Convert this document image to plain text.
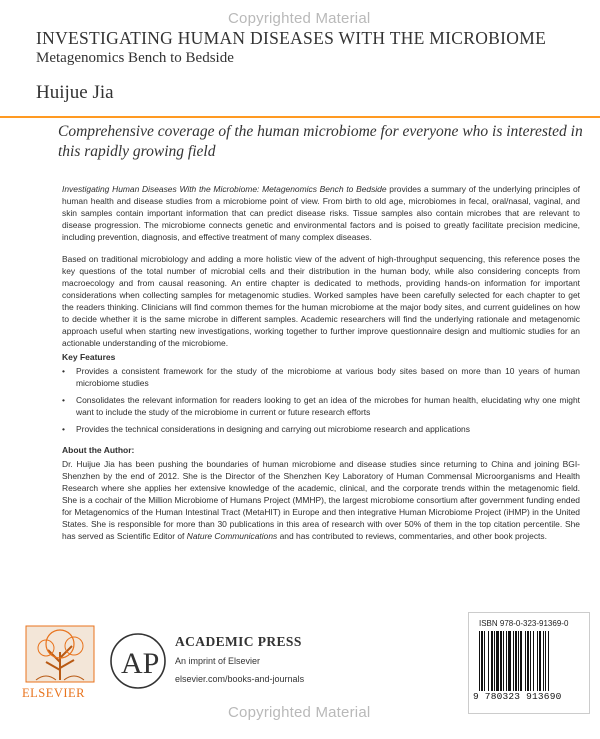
Copyrighted Material
INVESTIGATING HUMAN DISEASES WITH THE MICROBIOME
Metagenomics Bench to Bedside
Huijue Jia
Comprehensive coverage of the human microbiome for everyone who is interested in this rapidly growing field
Investigating Human Diseases With the Microbiome: Metagenomics Bench to Bedside provides a summary of the underlying principles of human health and disease studies from a microbiome point of view. From birth to old age, microbiomes in fecal, oral/nasal, vaginal, and skin samples contain important information that can predict disease risks. Tissue samples also contain microbes that are relevant to disease progression. The microbiome connects genetic and environmental factors and is poised to greatly facilitate precision medicine, including prevention, diagnosis, and effective treatment of many complex diseases.
Based on traditional microbiology and adding a more holistic view of the advent of high-throughput sequencing, this reference poses the key questions of the total number of microbial cells and their distribution in the human body, while also considering concepts from macroecology and from causal reasoning. An entire chapter is dedicated to methods, providing hands-on information for important considerations when collecting samples for metagenomic studies. Worked samples have been carefully selected for each chapter to get the readers thinking. Clinicians will find common themes for the human microbiome at the major body sites, and current guidelines on how to decide whether it is the same microbe in different samples. Academic researchers will find the underlying rationale and metagenomic approach useful when starting new investigations, working together to further improve questionnaire design and multiomic studies for an actionable understanding of the microbiome.
Key Features
• Provides a consistent framework for the study of the microbiome at various body sites based on more than 10 years of human microbiome studies
• Consolidates the relevant information for readers looking to get an idea of the microbes for human health, elucidating why one might want to include the study of the microbiome in current or future research efforts
• Provides the technical considerations in designing and carrying out microbiome research and applications
About the Author:
Dr. Huijue Jia has been pushing the boundaries of human microbiome and disease studies since returning to China and joining BGI-Shenzhen by the end of 2012. She is the Director of the Shenzhen Key Laboratory of Human Commensal Microorganisms and Health Research where she applies her extensive knowledge of the academic, clinical, and the corporate trends within the metagenomic field. She is a cochair of the Million Microbiome of Humans Project (MMHP), the largest microbiome consortium after government funding ended for Metagenomics of the Human Intestinal Tract (MetaHIT) in Europe and then integrative Human Microbiome Project (iHMP) in the United States. She is responsible for more than 30 publications in this area of research with over 50% of them in the top citation percentile. She has served as Scientific Editor of Nature Communications and has contributed to reviews, commentaries, and other book projects.
ELSEVIER
AP
ACADEMIC PRESS
An imprint of Elsevier
elsevier.com/books-and-journals
ISBN 978-0-323-91369-0
9 780323 913690
Copyrighted Material
